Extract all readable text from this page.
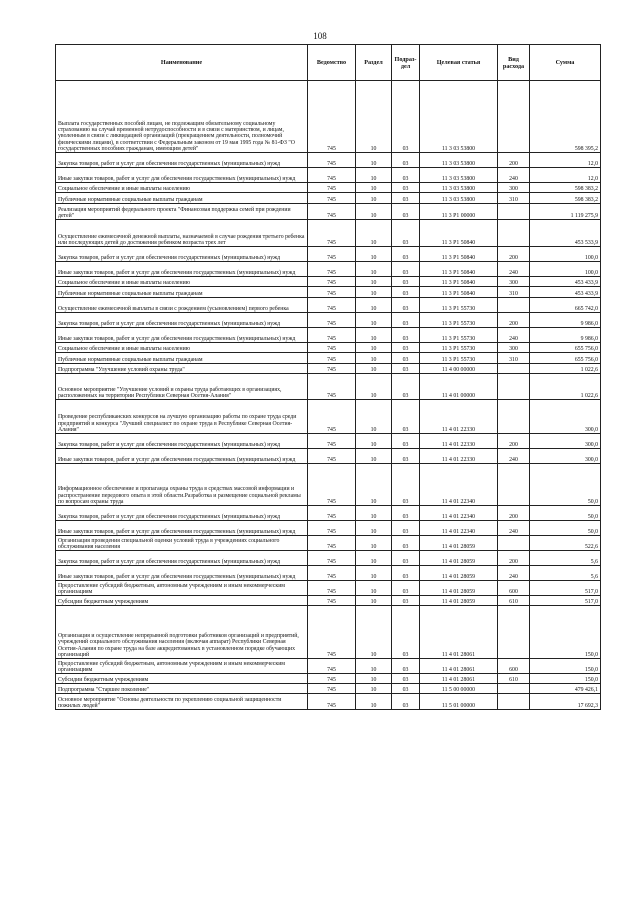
108
Наименование	Ведомство	Раздел	Подраз-дел	Целевая статья	Вид расхода	Сумма
Выплата государственных пособий лицам, не подлежащим обязательному социальному страхованию на случай временной нетрудоспособности и в связи с материнством, и лицам, уволенным в связи с ликвидацией организаций (прекращением деятельности, полномочий физическими лицами), в соответствии с Федеральным законом от 19 мая 1995 года № 81-ФЗ "О государственных пособиях гражданам, имеющим детей"	745	10	03	11 3 03 53800		598 395,2
Закупка товаров, работ и услуг для обеспечения государственных (муниципальных) нужд	745	10	03	11 3 03 53800	200	12,0
Иные закупки товаров, работ и услуг для обеспечения государственных (муниципальных) нужд	745	10	03	11 3 03 53800	240	12,0
Социальное обеспечение и иные выплаты населению	745	10	03	11 3 03 53800	300	598 383,2
Публичные нормативные социальные выплаты гражданам	745	10	03	11 3 03 53800	310	598 383,2
Реализация мероприятий федерального проекта "Финансовая поддержка семей при рождении детей"	745	10	03	11 3 P1 00000		1 119 275,9
Осуществление ежемесячной денежной выплаты, назначаемой в случае рождения третьего ребенка или последующих детей до достижения ребенком возраста трех лет	745	10	03	11 3 P1 50840		453 533,9
Закупка товаров, работ и услуг для обеспечения государственных (муниципальных) нужд	745	10	03	11 3 P1 50840	200	100,0
Иные закупки товаров, работ и услуг для обеспечения государственных (муниципальных) нужд	745	10	03	11 3 P1 50840	240	100,0
Социальное обеспечение и иные выплаты населению	745	10	03	11 3 P1 50840	300	453 433,9
Публичные нормативные социальные выплаты гражданам	745	10	03	11 3 P1 50840	310	453 433,9
Осуществление ежемесячной выплаты в связи с рождением (усыновлением) первого ребенка	745	10	03	11 3 P1 55730		665 742,0
Закупка товаров, работ и услуг для обеспечения государственных (муниципальных) нужд	745	10	03	11 3 P1 55730	200	9 986,0
Иные закупки товаров, работ и услуг для обеспечения государственных (муниципальных) нужд	745	10	03	11 3 P1 55730	240	9 986,0
Социальное обеспечение и иные выплаты населению	745	10	03	11 3 P1 55730	300	655 756,0
Публичные нормативные социальные выплаты гражданам	745	10	03	11 3 P1 55730	310	655 756,0
Подпрограмма "Улучшение условий охраны труда"	745	10	03	11 4 00 00000		1 022,6
Основное мероприятие "Улучшение условий и охраны труда работающих в организациях, расположенных на территории Республики Северная Осетия-Алания"	745	10	03	11 4 01 00000		1 022,6
Проведение республиканских конкурсов на лучшую организацию работы по охране труда среди предприятий и конкурса "Лучший специалист по охране труда в Республике Северная Осетия-Алания"	745	10	03	11 4 01 22330		300,0
Закупка товаров, работ и услуг для обеспечения государственных (муниципальных) нужд	745	10	03	11 4 01 22330	200	300,0
Иные закупки товаров, работ и услуг для обеспечения государственных (муниципальных) нужд	745	10	03	11 4 01 22330	240	300,0
Информационное обеспечение и пропаганда охраны труда в средствах массовой информации и распространение передового опыта в этой области.Разработка и размещение социальной рекламы по вопросам охраны труда	745	10	03	11 4 01 22340		50,0
Закупка товаров, работ и услуг для обеспечения государственных (муниципальных) нужд	745	10	03	11 4 01 22340	200	50,0
Иные закупки товаров, работ и услуг для обеспечения государственных (муниципальных) нужд	745	10	03	11 4 01 22340	240	50,0
Организация проведения специальной оценки условий труда в учреждениях социального обслуживания населения	745	10	03	11 4 01 28059		522,6
Закупка товаров, работ и услуг для обеспечения государственных (муниципальных) нужд	745	10	03	11 4 01 28059	200	5,6
Иные закупки товаров, работ и услуг для обеспечения государственных (муниципальных) нужд	745	10	03	11 4 01 28059	240	5,6
Предоставление субсидий бюджетным, автономным учреждениям и иным некоммерческим организациям	745	10	03	11 4 01 28059	600	517,0
Субсидии бюджетным учреждениям	745	10	03	11 4 01 28059	610	517,0
Организация и осуществление непрерывной подготовки работников организаций и предприятий, учреждений социального обслуживания населения (включая аппарат) Республики Северная Осетия-Алания по охране труда на базе аккредитованных в установленном порядке обучающих организаций	745	10	03	11 4 01 28061		150,0
Предоставление субсидий бюджетным, автономным учреждениям и иным некоммерческим организациям	745	10	03	11 4 01 28061	600	150,0
Субсидии бюджетным учреждениям	745	10	03	11 4 01 28061	610	150,0
Подпрограмма "Старшее поколение"	745	10	03	11 5 00 00000		479 426,1
Основное мероприятие "Основы деятельности по укреплению социальной защищенности пожилых людей"	745	10	03	11 5 01 00000		17 692,3
